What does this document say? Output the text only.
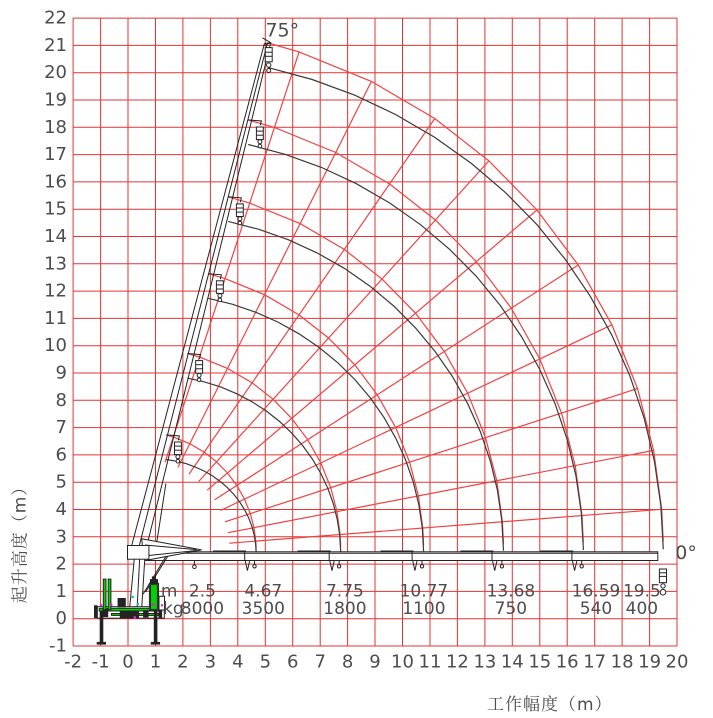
-2 -1 0 1 2 3 4 5 6 7 8 9 10 11 12 13 14 15 16 17 18 19 20
-1
0
1
2
3
4
5
6
7
8
9
10
11
12
13
14
15
16
17
18
19
20
21
22
m
kg
2.5 4.67	7.75 10.77 13.68 16.59 19.5
8000 3500 1800 1100	750	540 400
75°
0°
起升高度（m）
工作幅度（m）
